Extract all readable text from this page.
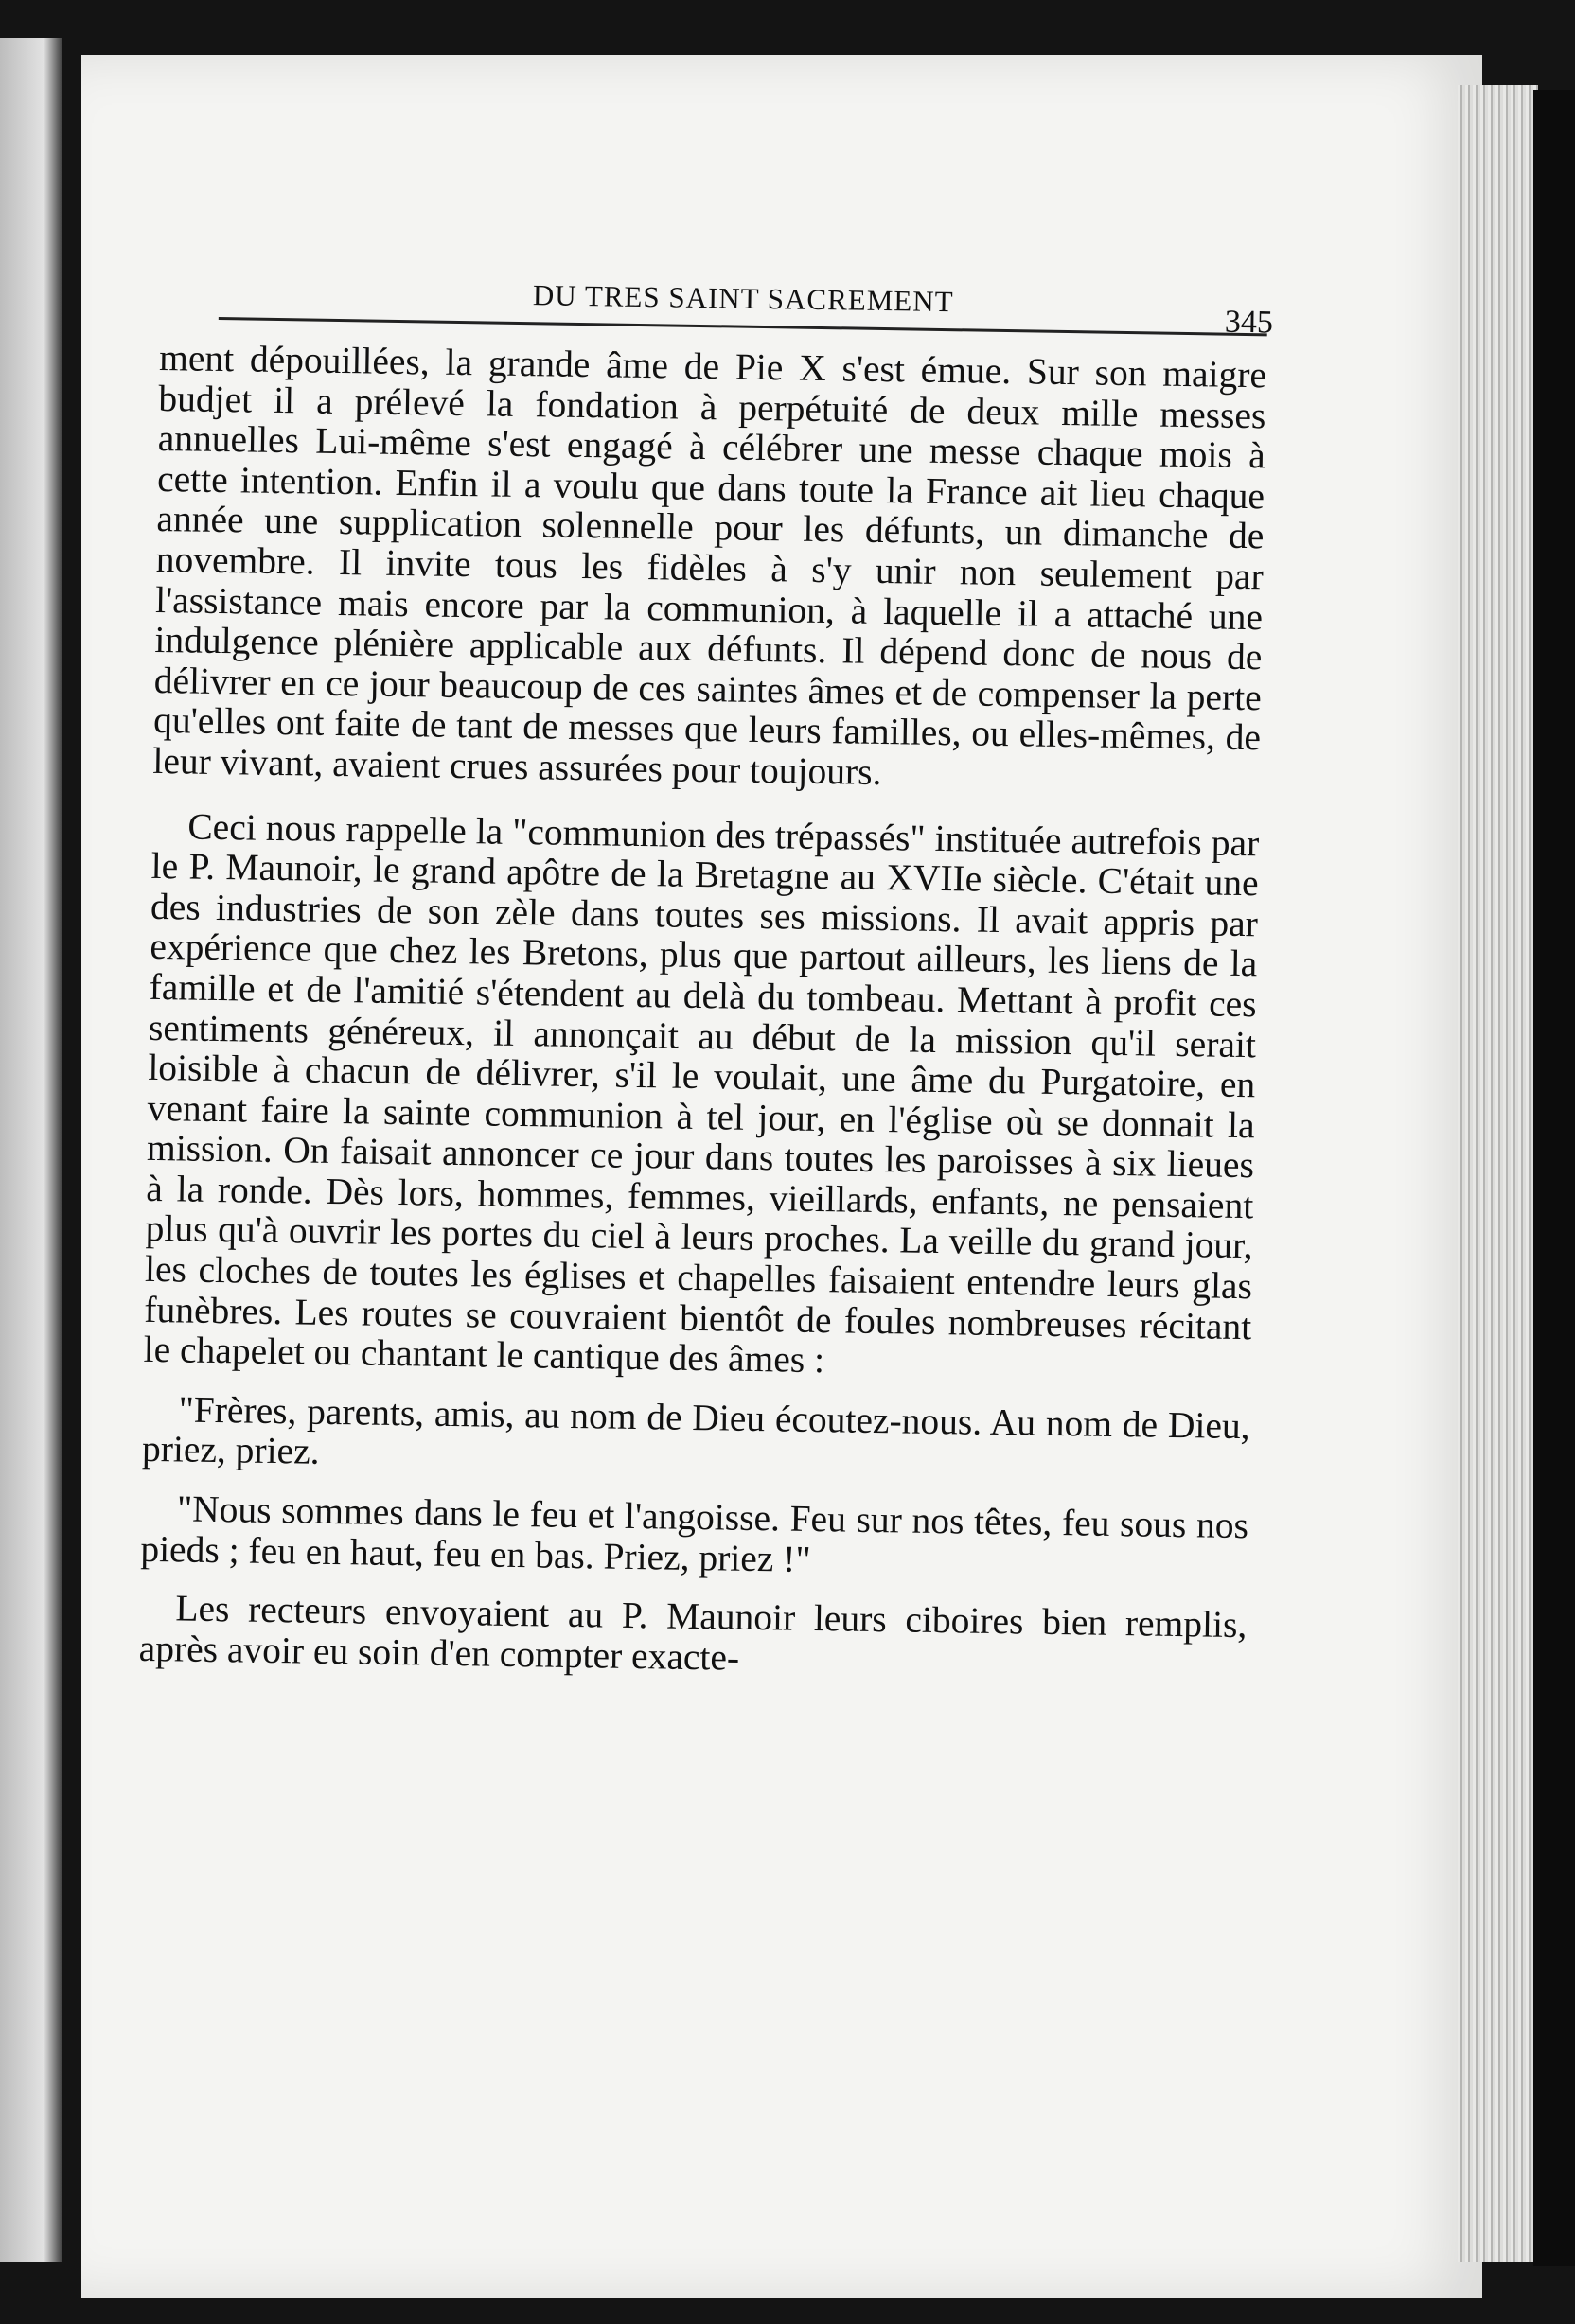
DU TRES SAINT SACREMENT
345

ment dépouillées, la grande âme de Pie X s'est émue. Sur son maigre budjet il a prélevé la fondation à perpétuité de deux mille messes annuelles Lui-même s'est engagé à célébrer une messe chaque mois à cette intention. Enfin il a voulu que dans toute la France ait lieu chaque année une supplication solennelle pour les défunts, un dimanche de novembre. Il invite tous les fidèles à s'y unir non seulement par l'assistance mais encore par la communion, à laquelle il a attaché une indulgence plénière applicable aux défunts. Il dépend donc de nous de délivrer en ce jour beaucoup de ces saintes âmes et de compenser la perte qu'elles ont faite de tant de messes que leurs familles, ou elles-mêmes, de leur vivant, avaient crues assurées pour toujours.

Ceci nous rappelle la "communion des trépassés" instituée autrefois par le P. Maunoir, le grand apôtre de la Bretagne au XVIIe siècle. C'était une des industries de son zèle dans toutes ses missions. Il avait appris par expérience que chez les Bretons, plus que partout ailleurs, les liens de la famille et de l'amitié s'étendent au delà du tombeau. Mettant à profit ces sentiments généreux, il annonçait au début de la mission qu'il serait loisible à chacun de délivrer, s'il le voulait, une âme du Purgatoire, en venant faire la sainte communion à tel jour, en l'église où se donnait la mission. On faisait annoncer ce jour dans toutes les paroisses à six lieues à la ronde. Dès lors, hommes, femmes, vieillards, enfants, ne pensaient plus qu'à ouvrir les portes du ciel à leurs proches. La veille du grand jour, les cloches de toutes les églises et chapelles faisaient entendre leurs glas funèbres. Les routes se couvraient bientôt de foules nombreuses récitant le chapelet ou chantant le cantique des âmes :

"Frères, parents, amis, au nom de Dieu écoutez-nous. Au nom de Dieu, priez, priez.

"Nous sommes dans le feu et l'angoisse. Feu sur nos têtes, feu sous nos pieds ; feu en haut, feu en bas. Priez, priez !"

Les recteurs envoyaient au P. Maunoir leurs ciboires bien remplis, après avoir eu soin d'en compter exacte-
